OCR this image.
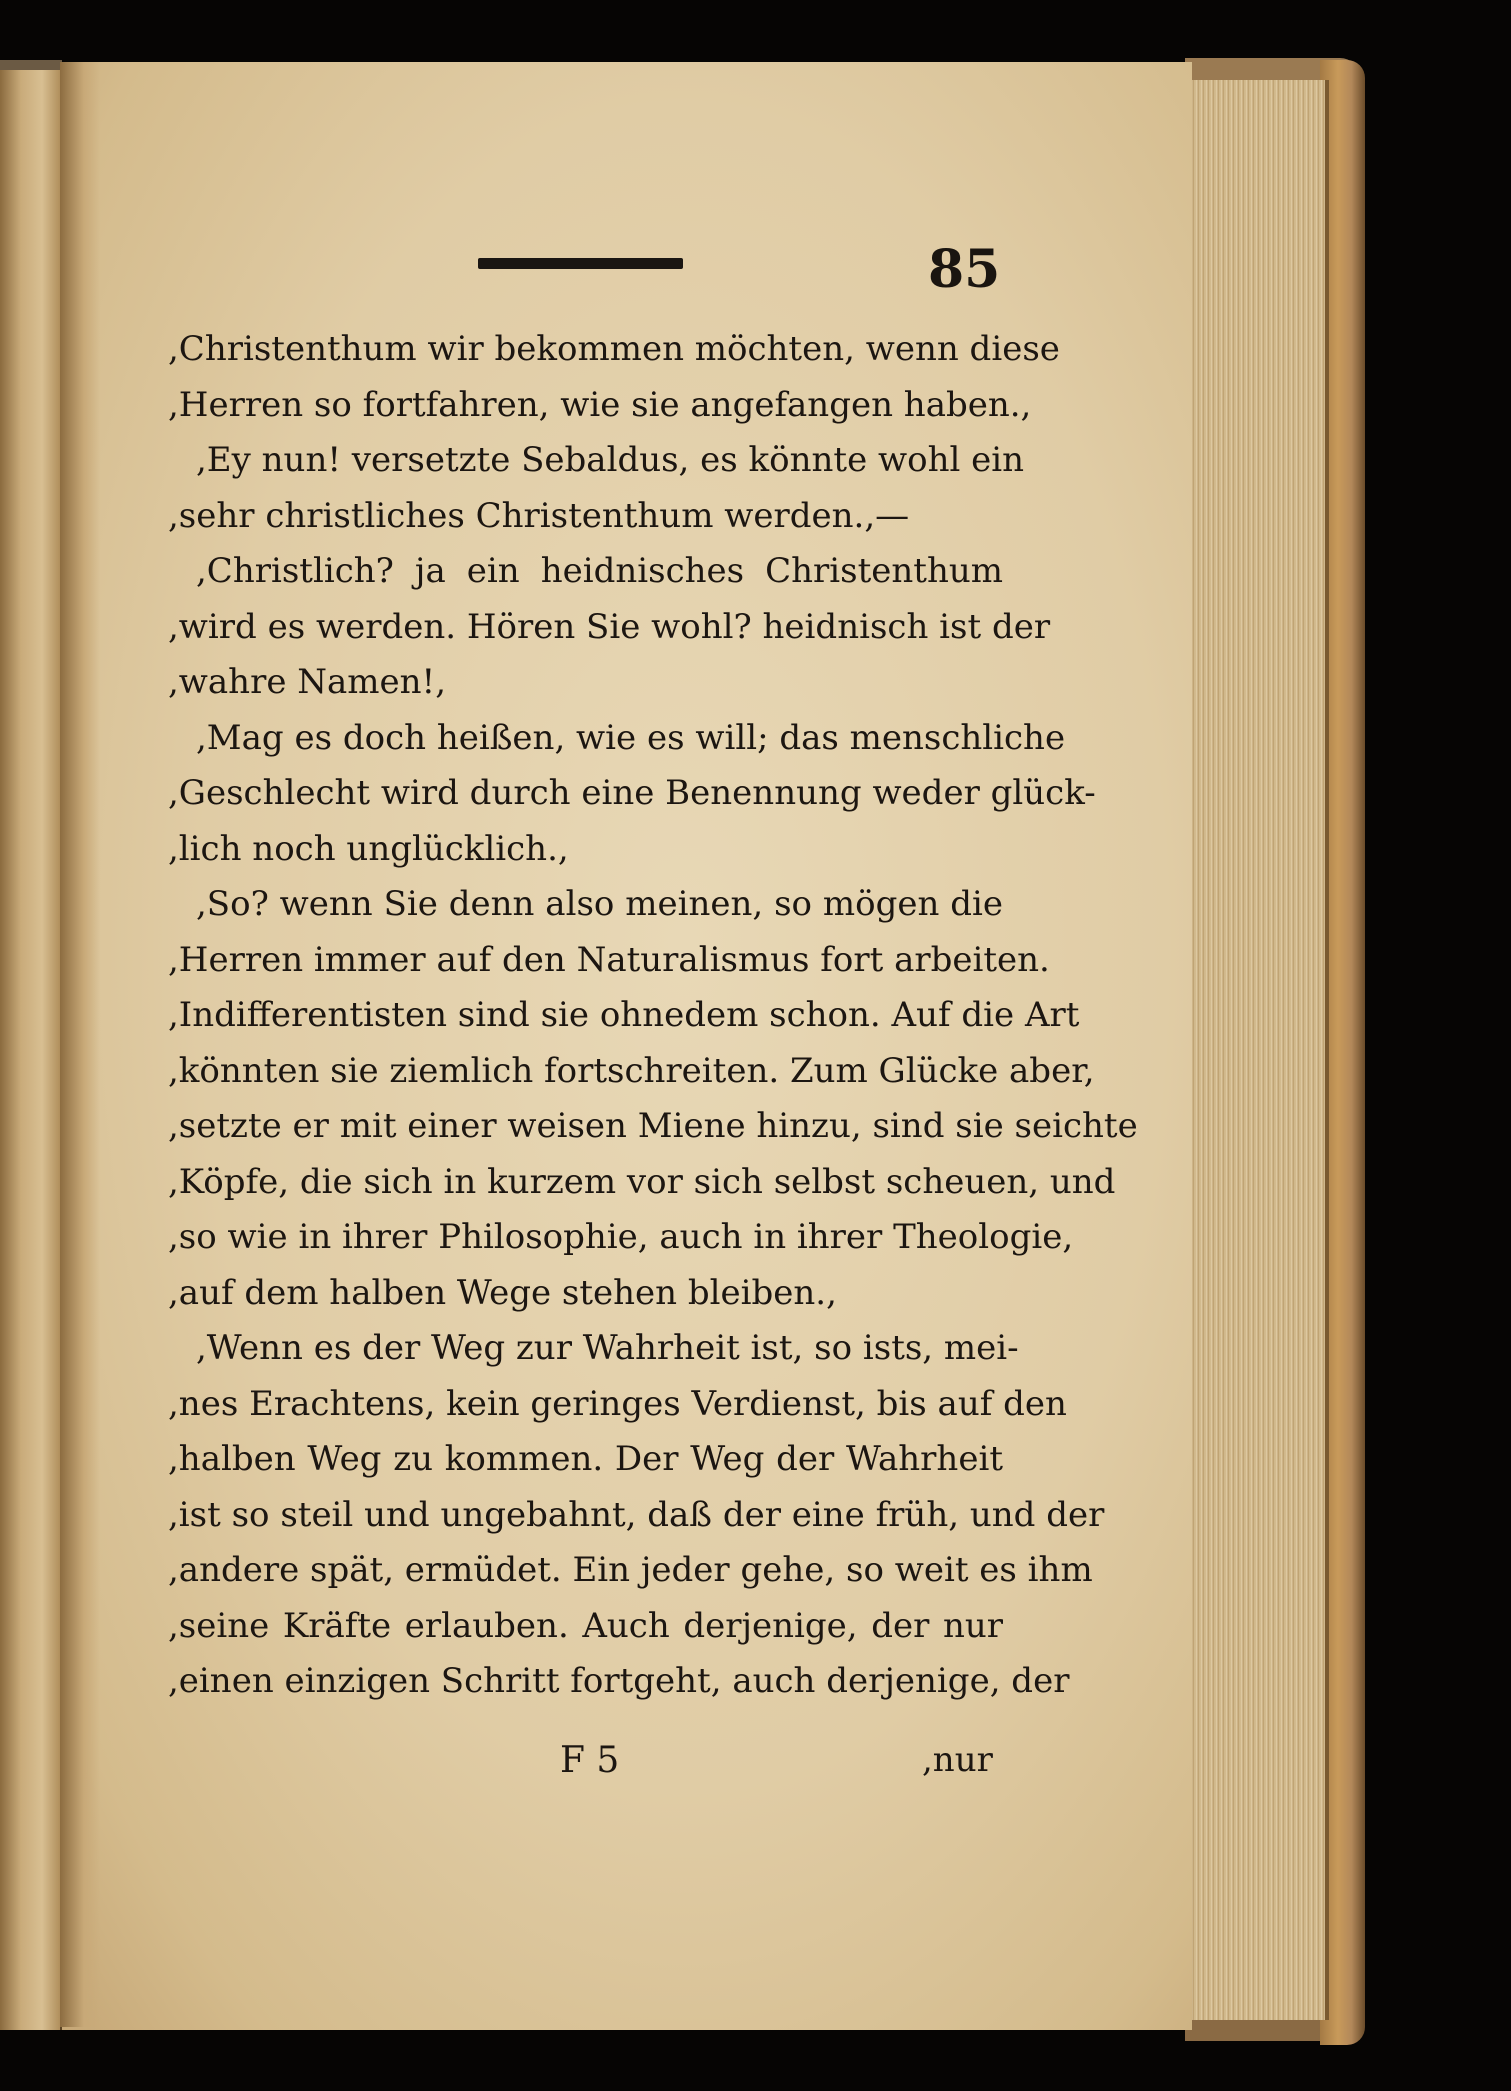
85
,Christenthum wir bekommen möchten, wenn diese
,Herren so fortfahren, wie sie angefangen haben.,
,Ey nun! versetzte Sebaldus, es könnte wohl ein
,sehr christliches Christenthum werden.,—
,Christlich? ja ein heidnisches Christenthum
,wird es werden. Hören Sie wohl? heidnisch ist der
,wahre Namen!,
,Mag es doch heißen, wie es will; das menschliche
,Geschlecht wird durch eine Benennung weder glück-
,lich noch unglücklich.,
,So? wenn Sie denn also meinen, so mögen die
,Herren immer auf den Naturalismus fort arbeiten.
,Indifferentisten sind sie ohnedem schon. Auf die Art
,könnten sie ziemlich fortschreiten. Zum Glücke aber,
,setzte er mit einer weisen Miene hinzu, sind sie seichte
,Köpfe, die sich in kurzem vor sich selbst scheuen, und
,so wie in ihrer Philosophie, auch in ihrer Theologie,
,auf dem halben Wege stehen bleiben.,
,Wenn es der Weg zur Wahrheit ist, so ists, mei-
,nes Erachtens, kein geringes Verdienst, bis auf den
,halben Weg zu kommen. Der Weg der Wahrheit
,ist so steil und ungebahnt, daß der eine früh, und der
,andere spät, ermüdet. Ein jeder gehe, so weit es ihm
,seine Kräfte erlauben. Auch derjenige, der nur
,einen einzigen Schritt fortgeht, auch derjenige, der
F 5	,nur
